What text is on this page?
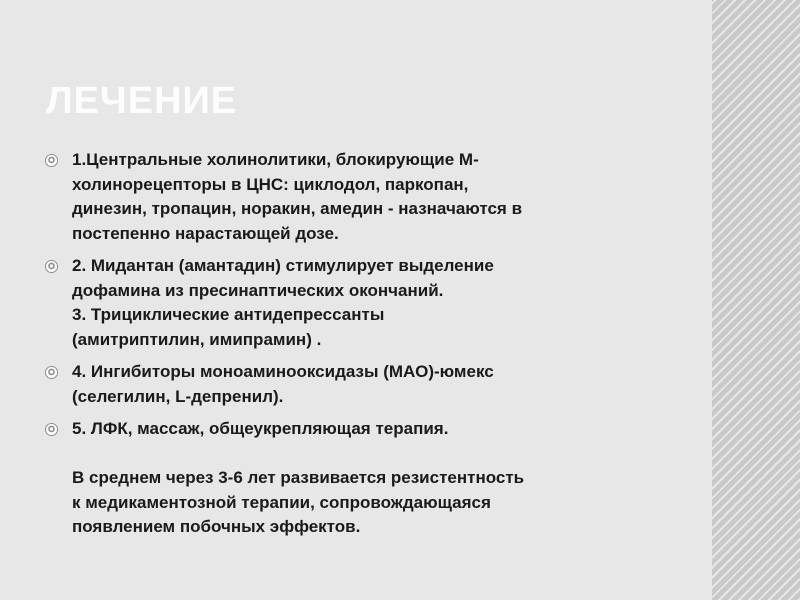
ЛЕЧЕНИЕ
1.Центральные холинолитики, блокирующие М-
холинорецепторы в ЦНС: циклодол, паркопан,
динезин, тропацин, норакин, амедин - назначаются в
постепенно нарастающей дозе.
2. Мидантан (амантадин) стимулирует выделение
дофамина из пресинаптических окончаний.
3. Трициклические антидепрессанты
(амитриптилин, имипрамин) .
4. Ингибиторы моноаминооксидазы (МАО)-юмекс
(селегилин, L-депренил).
5. ЛФК, массаж, общеукрепляющая терапия.
В среднем через 3-6 лет развивается резистентность
к медикаментозной терапии, сопровождающаяся
появлением побочных эффектов.
